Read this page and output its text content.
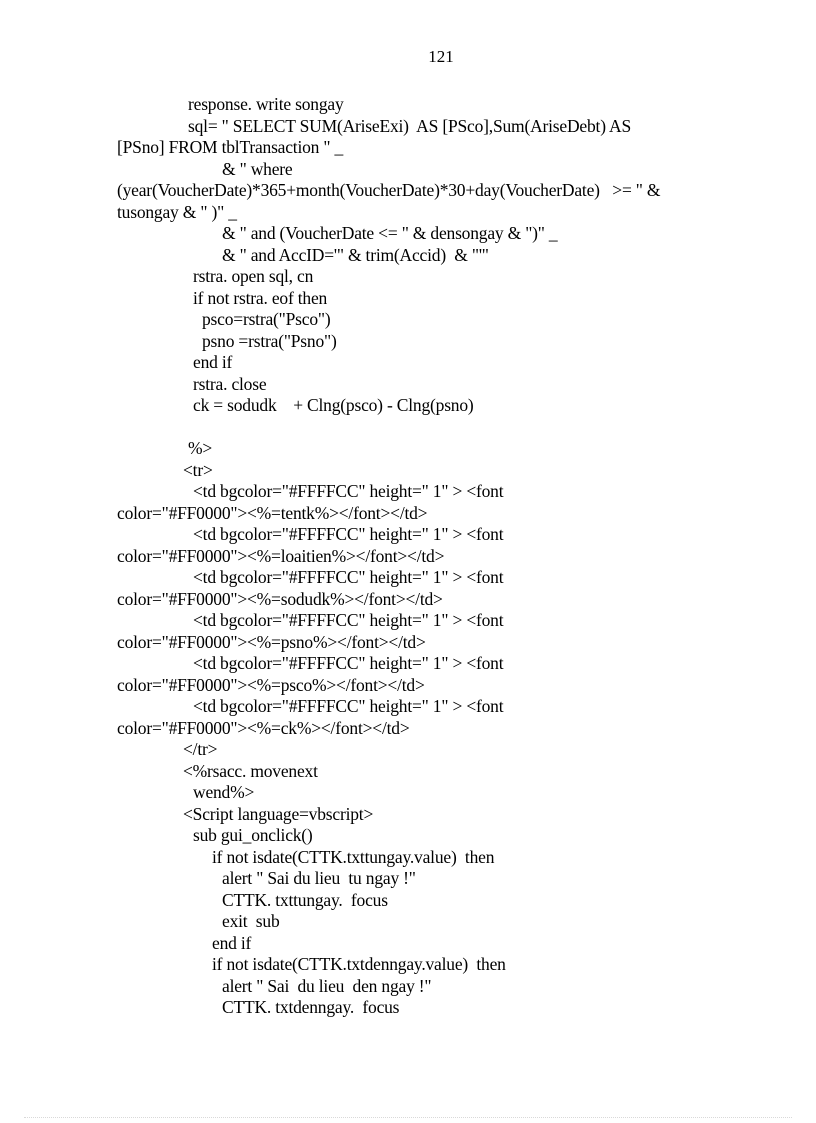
121
response. write songay
sql= " SELECT SUM(AriseExi)  AS [PSco],Sum(AriseDebt) AS
[PSno] FROM tblTransaction " _
& " where
(year(VoucherDate)*365+month(VoucherDate)*30+day(VoucherDate)   >= " &
tusongay & " )" _
& " and (VoucherDate <= " & densongay & ")" _
& " and AccID='" & trim(Accid)  & "'"
rstra. open sql, cn
if not rstra. eof then
psco=rstra("Psco")
psno =rstra("Psno")
end if
rstra. close
ck = sodudk    + Clng(psco) - Clng(psno)
%>
<tr>
<td bgcolor="#FFFFCC" height=" 1" > <font
color="#FF0000"><%=tentk%></font></td>
<td bgcolor="#FFFFCC" height=" 1" > <font
color="#FF0000"><%=loaitien%></font></td>
<td bgcolor="#FFFFCC" height=" 1" > <font
color="#FF0000"><%=sodudk%></font></td>
<td bgcolor="#FFFFCC" height=" 1" > <font
color="#FF0000"><%=psno%></font></td>
<td bgcolor="#FFFFCC" height=" 1" > <font
color="#FF0000"><%=psco%></font></td>
<td bgcolor="#FFFFCC" height=" 1" > <font
color="#FF0000"><%=ck%></font></td>
</tr>
<%rsacc. movenext
wend%>
<Script language=vbscript>
sub gui_onclick()
if not isdate(CTTK.txttungay.value)  then
alert " Sai du lieu  tu ngay !"
CTTK. txttungay.  focus
exit  sub
end if
if not isdate(CTTK.txtdenngay.value)  then
alert " Sai  du lieu  den ngay !"
CTTK. txtdenngay.  focus
